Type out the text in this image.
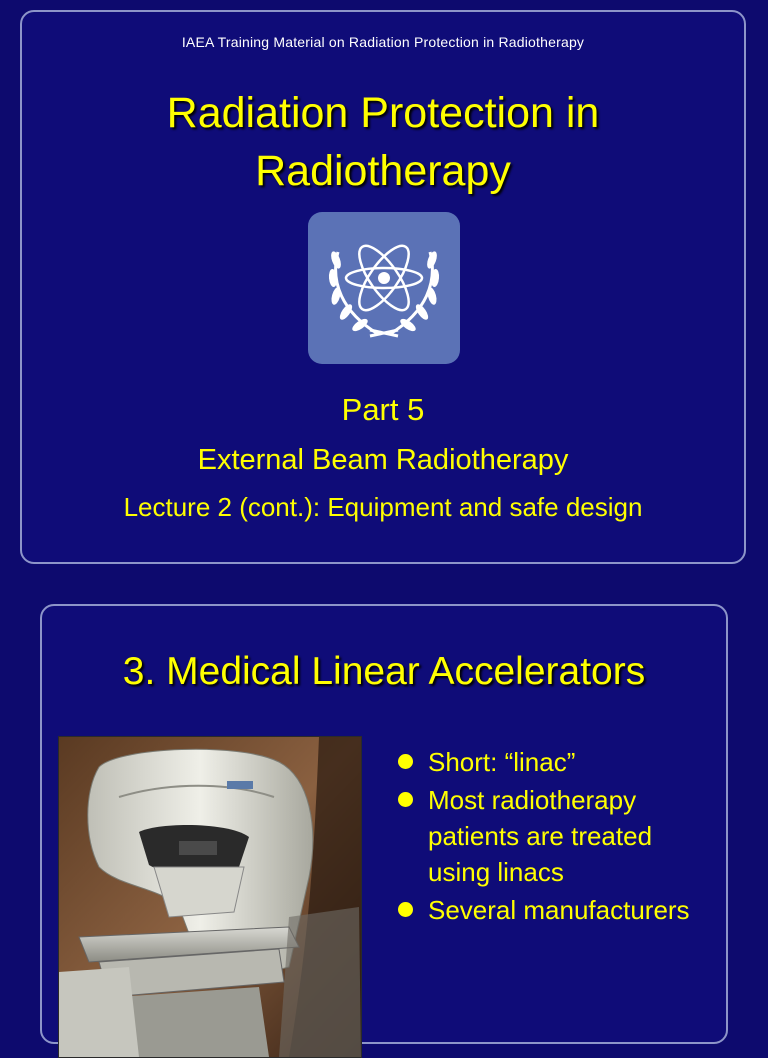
IAEA Training Material on Radiation Protection in Radiotherapy
Radiation Protection in
Radiotherapy
Part 5
External Beam Radiotherapy
Lecture 2 (cont.): Equipment and safe design
3. Medical Linear Accelerators
Short: “linac”
Most radiotherapy patients are treated using linacs
Several manufacturers
